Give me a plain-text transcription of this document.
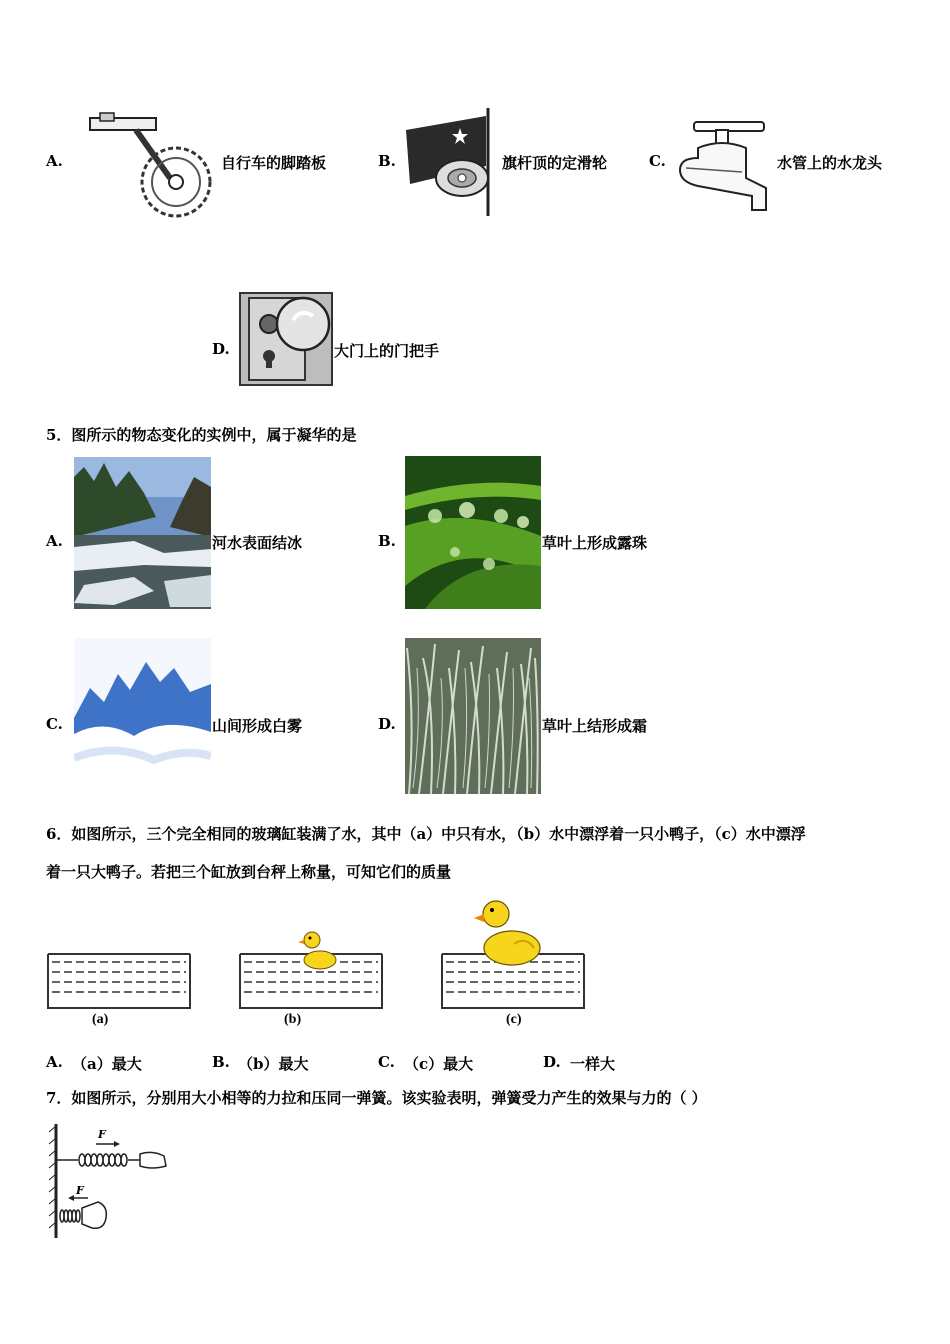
A.	自行车的脚踏板	B.	旗杆顶的定滑轮	C.	水管上的水龙头
D.	大门上的门把手
5．图所示的物态变化的实例中，属于凝华的是
A.	河水表面结冰	B.	草叶上形成露珠
C.	山间形成白雾	D.	草叶上结形成霜
6．如图所示，三个完全相同的玻璃缸装满了水，其中（a）中只有水，（b）水中漂浮着一只小鸭子，（c）水中漂浮
着一只大鸭子。若把三个缸放到台秤上称量，可知它们的质量
(a)	(b)	(c)
A. （a）最大	B. （b）最大	C. （c）最大	D. 一样大
7．如图所示，分别用大小相等的力拉和压同一弹簧。该实验表明，弹簧受力产生的效果与力的（ ）
F
F
